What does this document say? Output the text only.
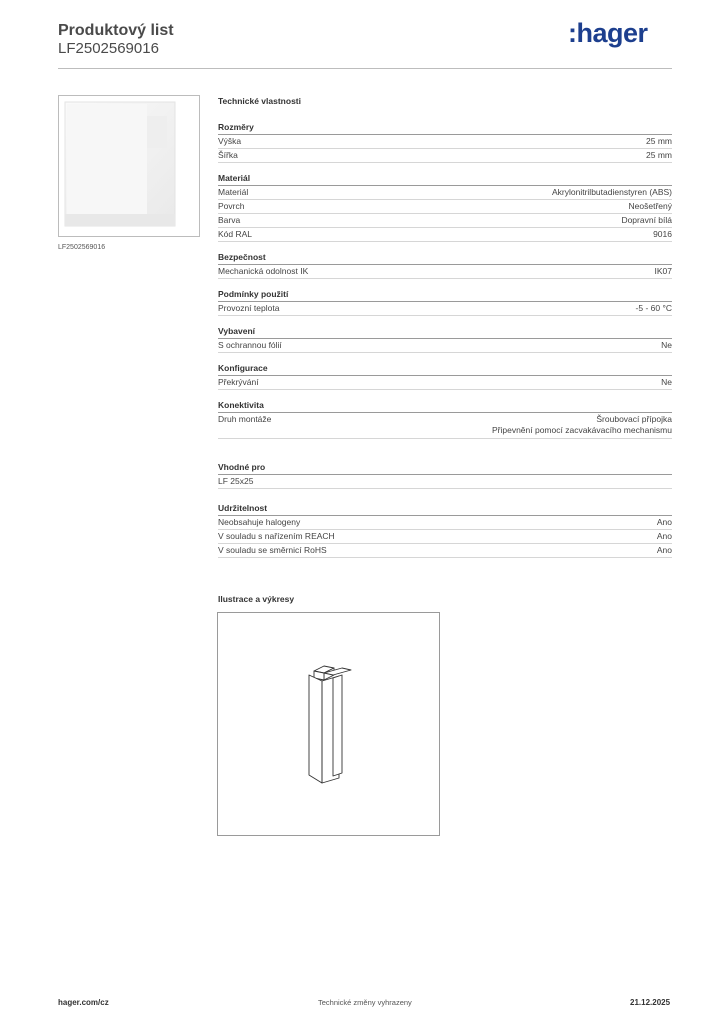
Produktový list
LF2502569016
:hager
LF2502569016
Technické vlastnosti
Rozměry
Výška	25 mm
Šířka	25 mm
Materiál
Materiál	Akrylonitrilbutadienstyren (ABS)
Povrch	Neošetřený
Barva	Dopravní bílá
Kód RAL	9016
Bezpečnost
Mechanická odolnost IK	IK07
Podmínky použití
Provozní teplota	-5 - 60 °C
Vybavení
S ochrannou fólií	Ne
Konfigurace
Překrývání	Ne
Konektivita
Druh montáže	Šroubovací přípojka
Připevnění pomocí zacvakávacího mechanismu
Vhodné pro
LF 25x25
Udržitelnost
Neobsahuje halogeny	Ano
V souladu s nařízením REACH	Ano
V souladu se směrnicí RoHS	Ano
Ilustrace a výkresy
hager.com/cz	Technické změny vyhrazeny	21.12.2025
